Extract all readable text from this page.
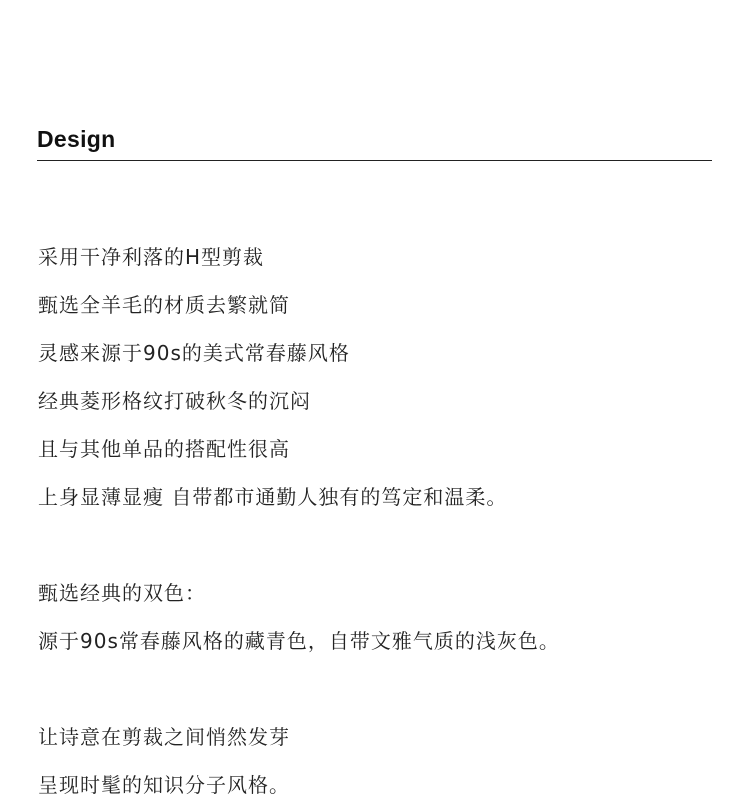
Design
采用干净利落的H型剪裁
甄选全羊毛的材质去繁就简
灵感来源于90s的美式常春藤风格
经典菱形格纹打破秋冬的沉闷
且与其他单品的搭配性很高
上身显薄显瘦 自带都市通勤人独有的笃定和温柔。
甄选经典的双色：
源于90s常春藤风格的藏青色，自带文雅气质的浅灰色。
让诗意在剪裁之间悄然发芽
呈现时髦的知识分子风格。
